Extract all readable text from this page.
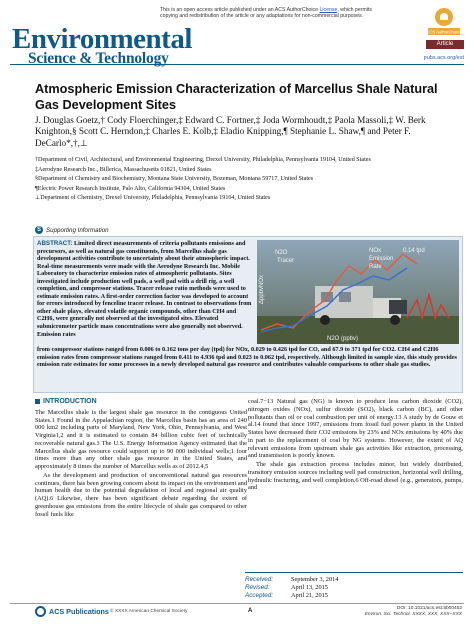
This is an open access article published under an ACS AuthorChoice License, which permits copying and redistribution of the article or any adaptations for non-commercial purposes.
ACS AuthorChoice
Article
Environmental
Science & Technology	pubs.acs.org/est
Atmospheric Emission Characterization of Marcellus Shale Natural Gas Development Sites
J. Douglas Goetz,† Cody Floerchinger,‡ Edward C. Fortner,‡ Joda Wormhoudt,‡ Paola Massoli,‡ W. Berk Knighton,§ Scott C. Herndon,‡ Charles E. Kolb,‡ Eladio Knipping,¶ Stephanie L. Shaw,¶ and Peter F. DeCarlo*,†,⊥
†Department of Civil, Architectural, and Environmental Engineering, Drexel University, Philadelphia, Pennsylvania 19104, United States
‡Aerodyne Research Inc., Billerica, Massachusetts 01821, United States
§Department of Chemistry and Biochemistry, Montana State University, Bozeman, Montana 59717, United States
¶Electric Power Research Institute, Palo Alto, California 94304, United States
⊥Department of Chemistry, Drexel University, Philadelphia, Pennsylvania 19104, United States
S Supporting Information
ABSTRACT: Limited direct measurements of criteria pollutants emissions and precursors, as well as natural gas constituents, from Marcellus shale gas development activities contribute to uncertainty about their atmospheric impact. Real-time measurements were made with the Aerodyne Research Inc. Mobile Laboratory to characterize emission rates of atmospheric pollutants. Sites investigated include production well pads, a well pad with a drill rig, a well completion, and compressor stations. Tracer release ratio methods were used to estimate emission rates. A first-order correction factor was developed to account for errors introduced by fenceline tracer release. In contrast to observations from other shale plays, elevated volatile organic compounds, other than CH4 and C2H6, were generally not observed at the investigated sites. Elevated submicrometer particle mass concentrations were also generally not observed. Emission rates
N2O
Tracer
NOx
Emission
Rate
0.14 tpd
N2O (ppbv)
ΔppbvNOx
from compressor stations ranged from 0.006 to 0.162 tons per day (tpd) for NOx, 0.029 to 0.426 tpd for CO, and 67.9 to 371 tpd for CO2. CH4 and C2H6 emission rates from compressor stations ranged from 0.411 to 4.936 tpd and 0.023 to 0.062 tpd, respectively. Although limited in sample size, this study provides emission rate estimates for some processes in a newly developed natural gas resource and contributes valuable comparisons to other shale gas studies.
INTRODUCTION

The Marcellus shale is the largest shale gas resource in the contiguous United States.1 Found in the Appalachian region, the Marcellus basin has an area of 240 000 km2 including parts of Maryland, New York, Ohio, Pennsylvania, and West Virginia1,2 and it is estimated to contain 84 billion cubic feet of technically recoverable natural gas.3 The U.S. Energy Information Agency estimated that the Marcellus shale gas resource could support up to 90 000 individual wells;1 four times more than any other shale gas resource in the United States, and approximately 8 times the number of Marcellus wells as of 2012.4,5

As the development and production of unconventional natural gas resources continues, there has been growing concern about its impact on the environment and human health due to the potential degradation of local and regional air quality (AQ).6 Likewise, there has been significant debate regarding the extent of greenhouse gas emissions from the entire lifecycle of shale gas compared to other fossil fuels like

coal.7−13 Natural gas (NG) is known to produce less carbon dioxide (CO2), nitrogen oxides (NOx), sulfur dioxide (SO2), black carbon (BC), and other pollutants than oil or coal combustion per unit of energy.13 A study by de Gouw et al.14 found that since 1997, emissions from fossil fuel power plants in the United States have decreased their CO2 emissions by 23% and NOx emissions by 40% due in part to the replacement of coal by NG systems. However, the extent of AQ relevant emissions from upstream shale gas activities like extraction, processing, and transmission is poorly known.

The shale gas extraction process includes minor, but widely distributed, transitory emission sources including well pad construction, horizontal well drilling, hydraulic fracturing, and well completion.6 Off-road diesel (e.g., generators, pumps, and

Received:	September 3, 2014
Revised:	April 13, 2015
Accepted:	April 21, 2015
ACS Publications © XXXX American Chemical Society	A	DOI: 10.1021/acs.est.5b00452
Environ. Sci. Technol. XXXX, XXX, XXX−XXX
